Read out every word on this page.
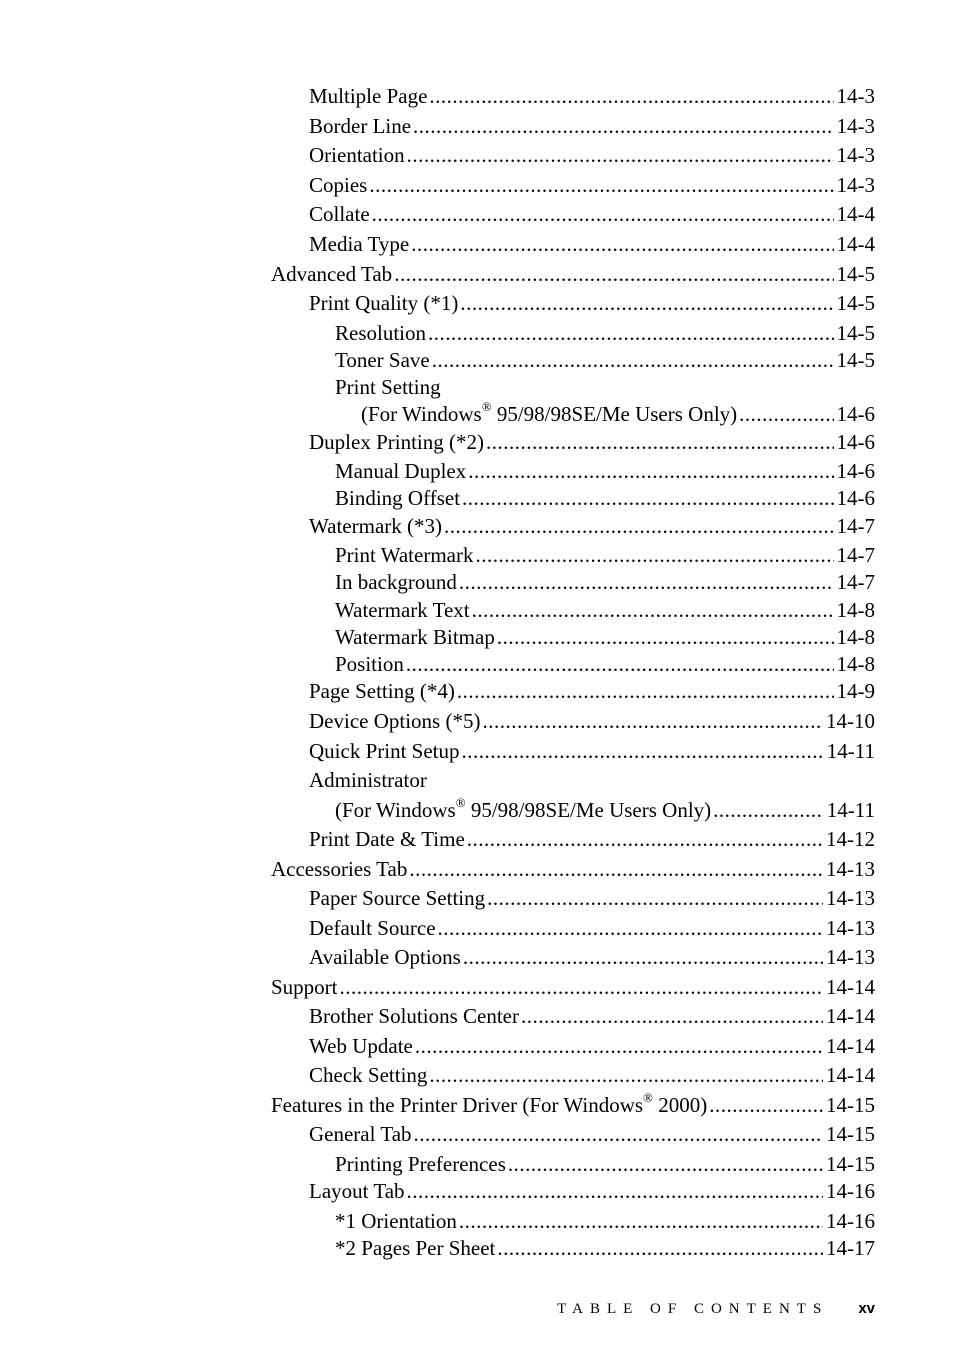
Multiple Page .....	14-3
Border Line .....	14-3
Orientation .....	14-3
Copies .....	14-3
Collate .....	14-4
Media Type .....	14-4
Advanced Tab .....	14-5
Print Quality (*1) .....	14-5
Resolution .....	14-5
Toner Save .....	14-5
Print Setting
(For Windows® 95/98/98SE/Me Users Only) .....	14-6
Duplex Printing (*2) .....	14-6
Manual Duplex .....	14-6
Binding Offset .....	14-6
Watermark (*3) .....	14-7
Print Watermark .....	14-7
In background .....	14-7
Watermark Text .....	14-8
Watermark Bitmap .....	14-8
Position .....	14-8
Page Setting (*4) .....	14-9
Device Options (*5) .....	14-10
Quick Print Setup .....	14-11
Administrator
(For Windows® 95/98/98SE/Me Users Only) .....	14-11
Print Date & Time .....	14-12
Accessories Tab .....	14-13
Paper Source Setting .....	14-13
Default Source .....	14-13
Available Options .....	14-13
Support .....	14-14
Brother Solutions Center .....	14-14
Web Update .....	14-14
Check Setting .....	14-14
Features in the Printer Driver (For Windows® 2000) .....	14-15
General Tab .....	14-15
Printing Preferences .....	14-15
Layout Tab .....	14-16
*1 Orientation .....	14-16
*2 Pages Per Sheet .....	14-17
TABLE OF CONTENTS xv
